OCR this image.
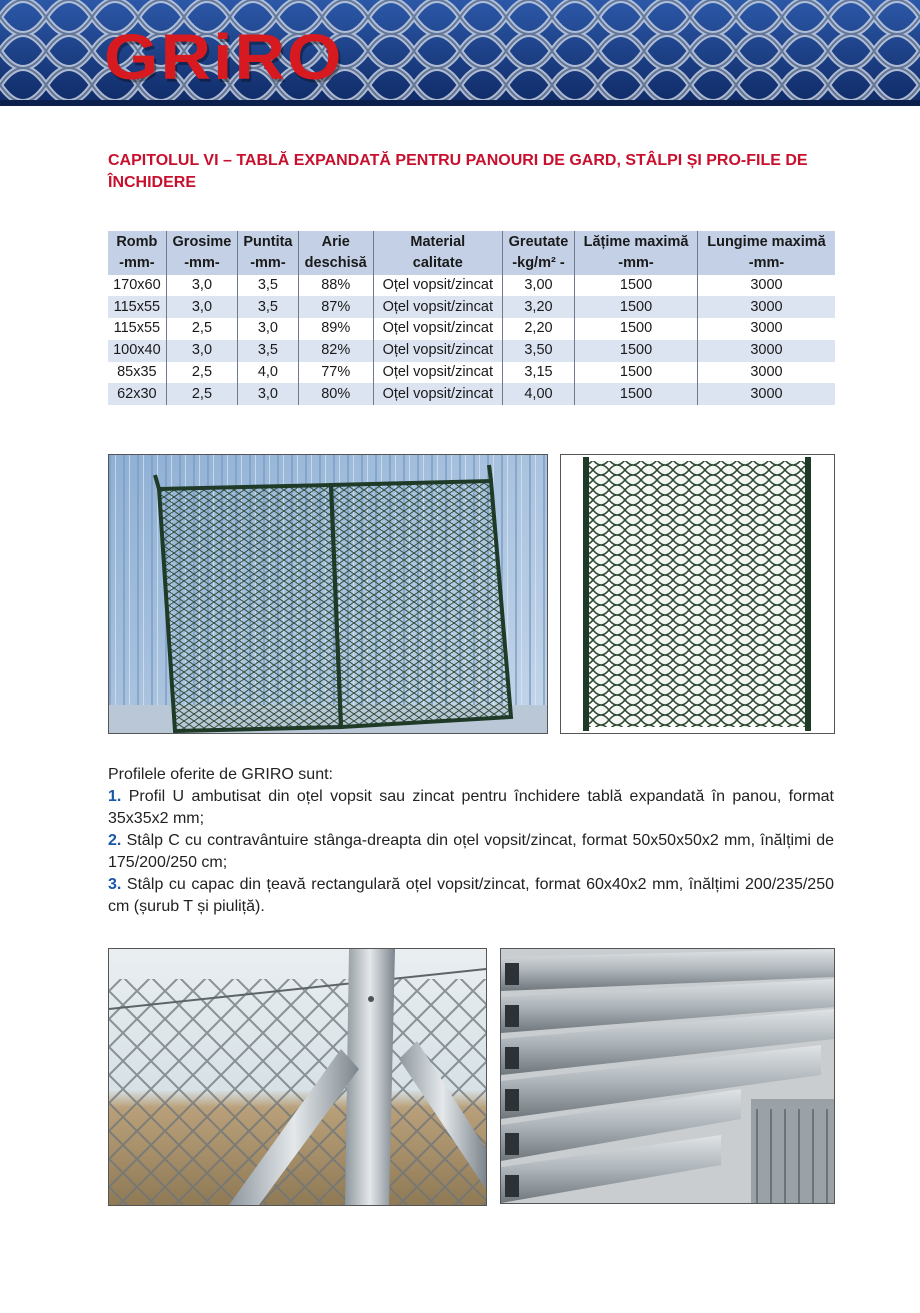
GRiRO
CAPITOLUL VI – TABLĂ EXPANDATĂ PENTRU PANOURI DE GARD, STÂLPI ȘI PRO-FILE DE ÎNCHIDERE
Romb	Grosime	Puntita	Arie	Material	Greutate	Lățime maximă	Lungime maximă
-mm-	-mm-	-mm-	deschisă	calitate	-kg/m² -	-mm-	-mm-
170x60	3,0	3,5	88%	Oțel vopsit/zincat	3,00	1500	3000
115x55	3,0	3,5	87%	Oțel vopsit/zincat	3,20	1500	3000
115x55	2,5	3,0	89%	Oțel vopsit/zincat	2,20	1500	3000
100x40	3,0	3,5	82%	Oțel vopsit/zincat	3,50	1500	3000
85x35	2,5	4,0	77%	Oțel vopsit/zincat	3,15	1500	3000
62x30	2,5	3,0	80%	Oțel vopsit/zincat	4,00	1500	3000

Profilele oferite de GRIRO sunt:

1. Profil U ambutisat din oțel vopsit sau zincat pentru închidere tablă expandată în panou, format 35x35x2 mm;

2. Stâlp C cu contravântuire stânga-dreapta din oțel vopsit/zincat, format 50x50x50x2 mm, înălțimi de 175/200/250 cm;

3. Stâlp cu capac din țeavă rectangulară oțel vopsit/zincat, format 60x40x2 mm, înălțimi 200/235/250 cm (șurub T și piuliță).
